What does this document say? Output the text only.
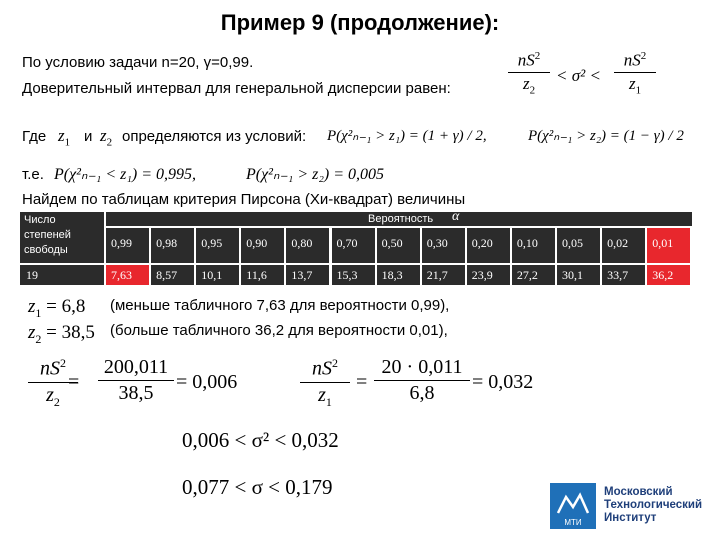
Пример 9 (продолжение):
По условию задачи n=20, γ=0,99.
Доверительный интервал для генеральной дисперсии равен:
$nS^2$
$z_2$
< σ² <
$nS^2$
$z_1$
Где $z_1$ и $z_2$ определяются из условий: P(χ²ₙ₋₁ > z₁) = (1 + γ) / 2,	P(χ²ₙ₋₁ > z₂) = (1 − γ) / 2
т.е. P(χ²ₙ₋₁ < z₁) = 0,995,	P(χ²ₙ₋₁ > z₂) = 0,005
Найдем по таблицам критерия Пирсона (Хи-квадрат) величины
Число
степеней
свободы
Вероятность α
0,99 0,98 0,95 0,90 0,80 0,70 0,50 0,30 0,20 0,10 0,05 0,02 0,01
19	7,63 8,57 10,1 11,6 13,7 15,3 18,3 21,7 23,9 27,2 30,1 33,7 36,2
$z_1 = 6,8$
$z_2 = 38,5$
(меньше табличного 7,63 для вероятности 0,99),
(больше табличного 36,2 для вероятности 0,01),
$nS^2$
$z_2$
200,011
38,5
=	= 0,006
$nS^2$
$z_1$
=
20 · 0,011
6,8	= 0,032
0,006 < σ² < 0,032
0,077 < σ < 0,179
МТИ
Московский
Технологический
Институт
